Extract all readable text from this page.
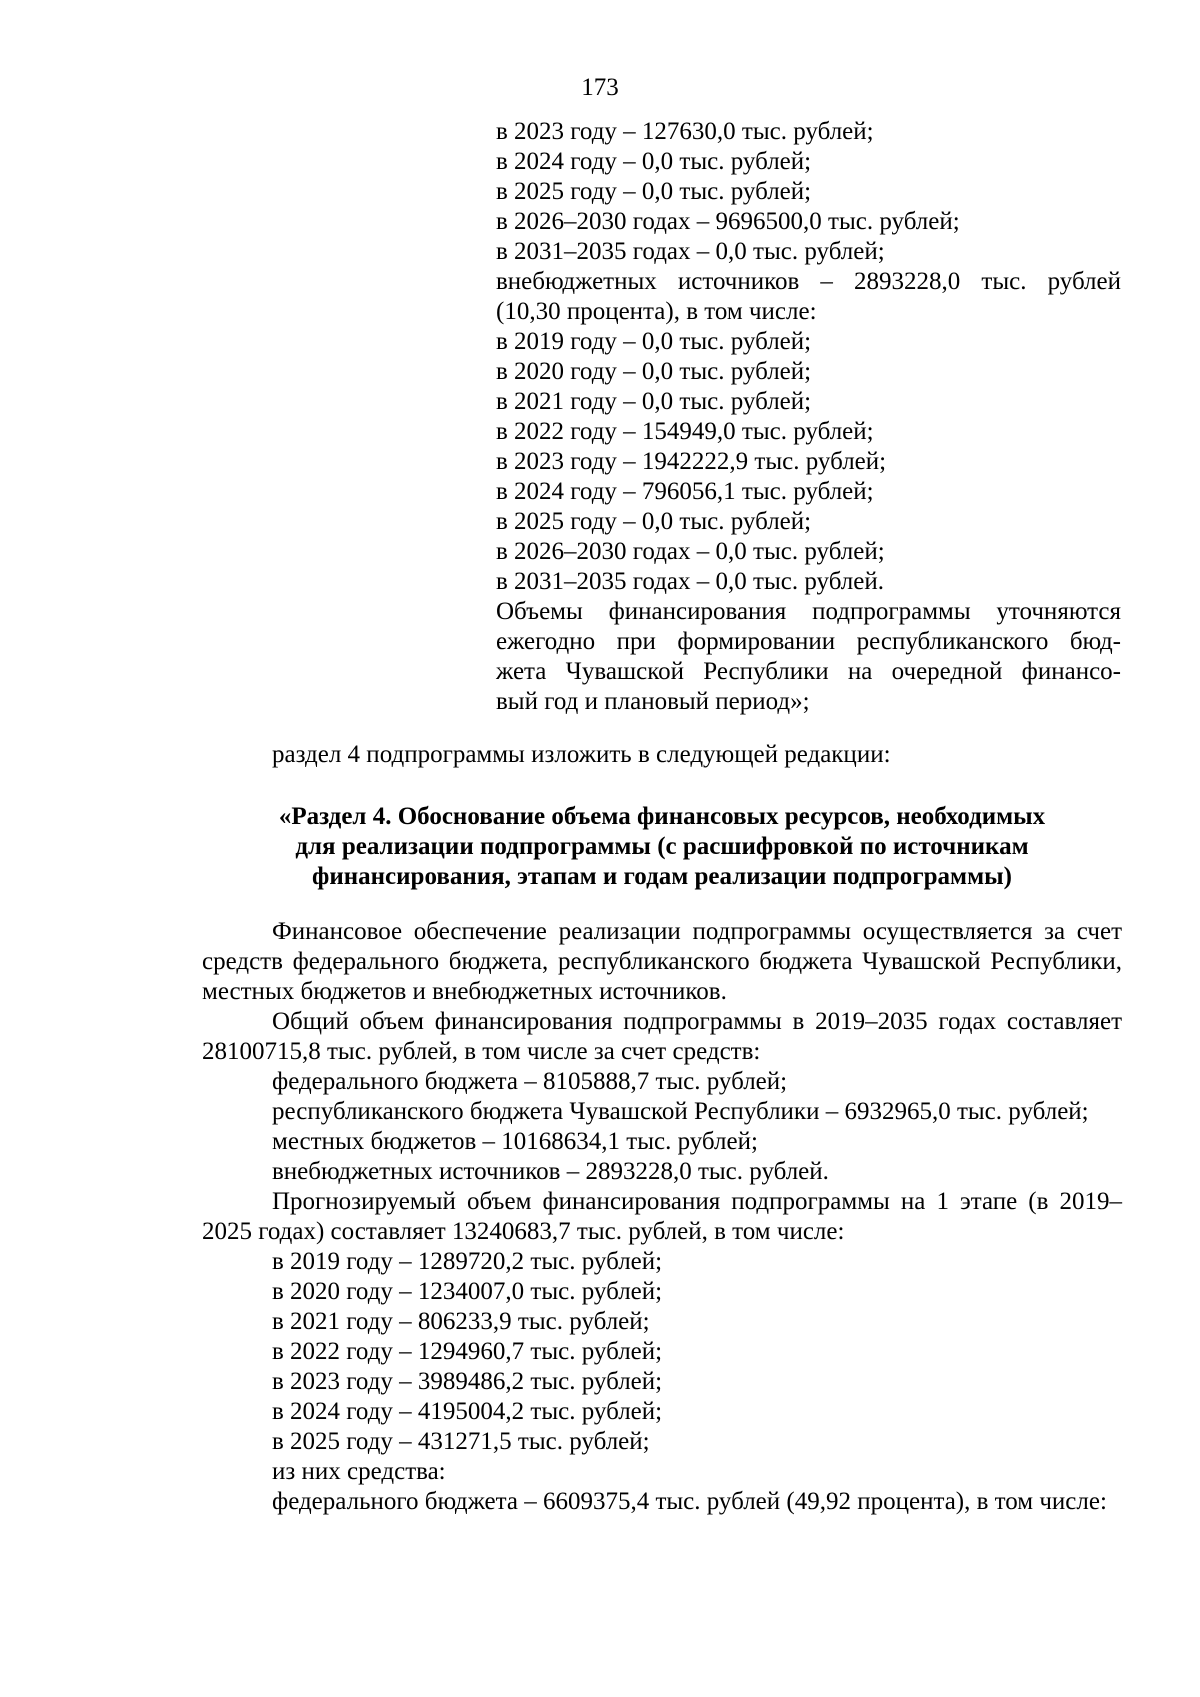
173
в 2023 году – 127630,0 тыс. рублей;
в 2024 году – 0,0 тыс. рублей;
в 2025 году – 0,0 тыс. рублей;
в 2026–2030 годах – 9696500,0 тыс. рублей;
в 2031–2035 годах – 0,0 тыс. рублей;
внебюджетных источников – 2893228,0 тыс. рублей
(10,30 процента), в том числе:
в 2019 году – 0,0 тыс. рублей;
в 2020 году – 0,0 тыс. рублей;
в 2021 году – 0,0 тыс. рублей;
в 2022 году – 154949,0 тыс. рублей;
в 2023 году – 1942222,9 тыс. рублей;
в 2024 году – 796056,1 тыс. рублей;
в 2025 году – 0,0 тыс. рублей;
в 2026–2030 годах – 0,0 тыс. рублей;
в 2031–2035 годах – 0,0 тыс. рублей.
Объемы финансирования подпрограммы уточняются
ежегодно при формировании республиканского бюд-
жета Чувашской Республики на очередной финансо-
вый год и плановый период»;
раздел 4 подпрограммы изложить в следующей редакции:
«Раздел 4. Обоснование объема финансовых ресурсов, необходимых
для реализации подпрограммы (с расшифровкой по источникам
финансирования, этапам и годам реализации подпрограммы)

Финансовое обеспечение реализации подпрограммы осуществляется за счет средств федерального бюджета, республиканского бюджета Чувашской Республики, местных бюджетов и внебюджетных источников.

Общий объем финансирования подпрограммы в 2019–2035 годах составляет 28100715,8 тыс. рублей, в том числе за счет средств:

федерального бюджета – 8105888,7 тыс. рублей;

республиканского бюджета Чувашской Республики – 6932965,0 тыс. рублей;

местных бюджетов – 10168634,1 тыс. рублей;

внебюджетных источников – 2893228,0 тыс. рублей.

Прогнозируемый объем финансирования подпрограммы на 1 этапе (в 2019–2025 годах) составляет 13240683,7 тыс. рублей, в том числе:

в 2019 году – 1289720,2 тыс. рублей;

в 2020 году – 1234007,0 тыс. рублей;

в 2021 году – 806233,9 тыс. рублей;

в 2022 году – 1294960,7 тыс. рублей;

в 2023 году – 3989486,2 тыс. рублей;

в 2024 году – 4195004,2 тыс. рублей;

в 2025 году – 431271,5 тыс. рублей;

из них средства:

федерального бюджета – 6609375,4 тыс. рублей (49,92 процента), в том числе:
